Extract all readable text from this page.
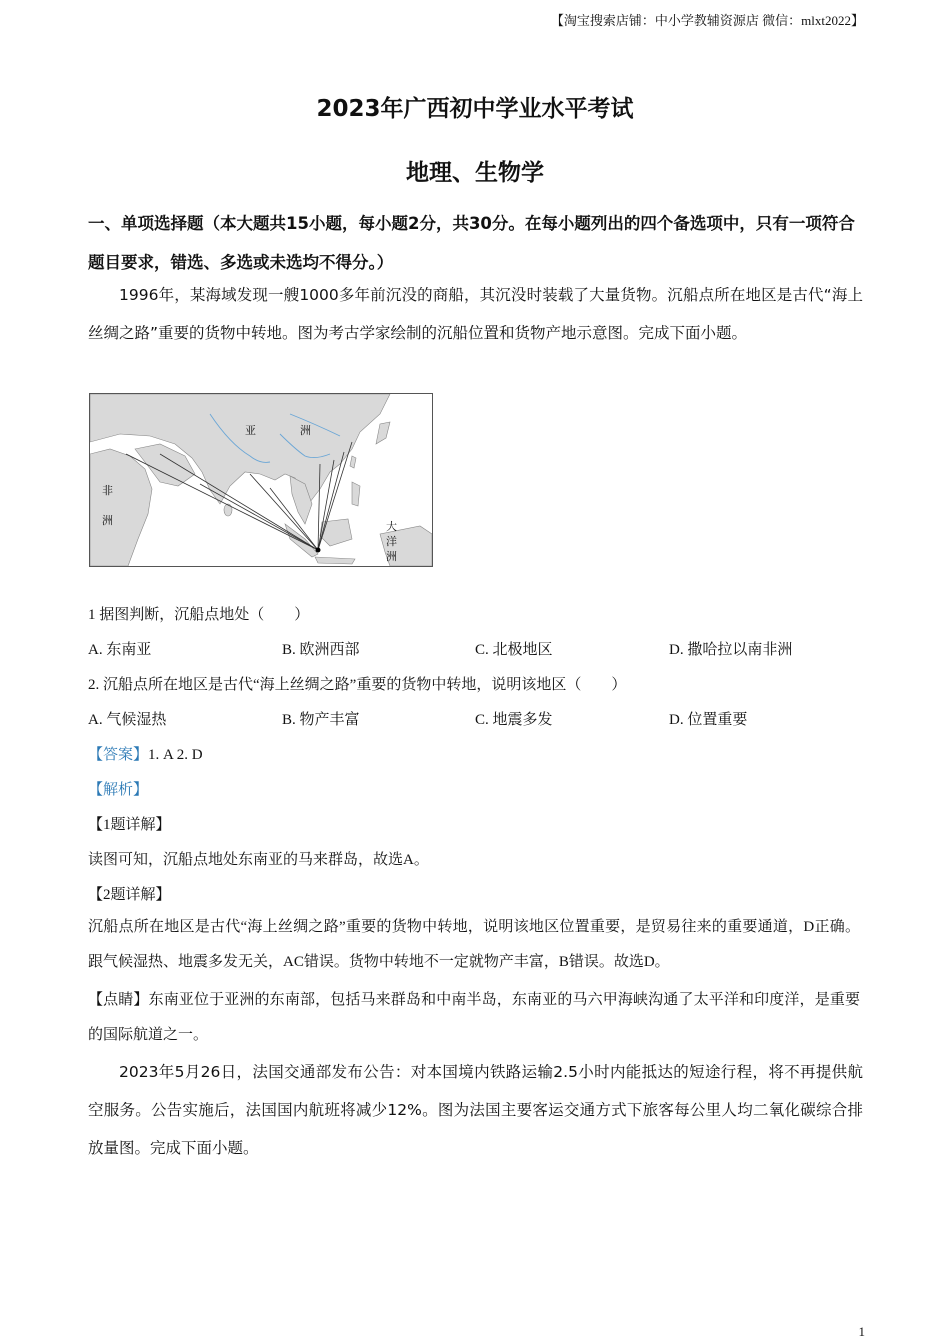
【淘宝搜索店铺：中小学教辅资源店 微信：mlxt2022】
2023年广西初中学业水平考试
地理、生物学
一、单项选择题（本大题共15小题，每小题2分，共30分。在每小题列出的四个备选项中，只有一项符合题目要求，错选、多选或未选均不得分。）
1996年，某海域发现一艘1000多年前沉没的商船，其沉没时装载了大量货物。沉船点所在地区是古代“海上丝绸之路”重要的货物中转地。图为考古学家绘制的沉船位置和货物产地示意图。完成下面小题。
亚	洲
非
洲	大
洋
洲
1 据图判断，沉船点地处（　　）
A. 东南亚	B. 欧洲西部	C. 北极地区	D. 撒哈拉以南非洲
2. 沉船点所在地区是古代“海上丝绸之路”重要的货物中转地，说明该地区（　　）
A. 气候湿热	B. 物产丰富	C. 地震多发	D. 位置重要
【答案】1. A 2. D
【解析】
【1题详解】
读图可知，沉船点地处东南亚的马来群岛，故选A。
【2题详解】
沉船点所在地区是古代“海上丝绸之路”重要的货物中转地，说明该地区位置重要，是贸易往来的重要通道，D正确。跟气候湿热、地震多发无关，AC错误。货物中转地不一定就物产丰富，B错误。故选D。
【点睛】东南亚位于亚洲的东南部，包括马来群岛和中南半岛，东南亚的马六甲海峡沟通了太平洋和印度洋，是重要的国际航道之一。
2023年5月26日，法国交通部发布公告：对本国境内铁路运输2.5小时内能抵达的短途行程，将不再提供航空服务。公告实施后，法国国内航班将减少12%。图为法国主要客运交通方式下旅客每公里人均二氧化碳综合排放量图。完成下面小题。
1
